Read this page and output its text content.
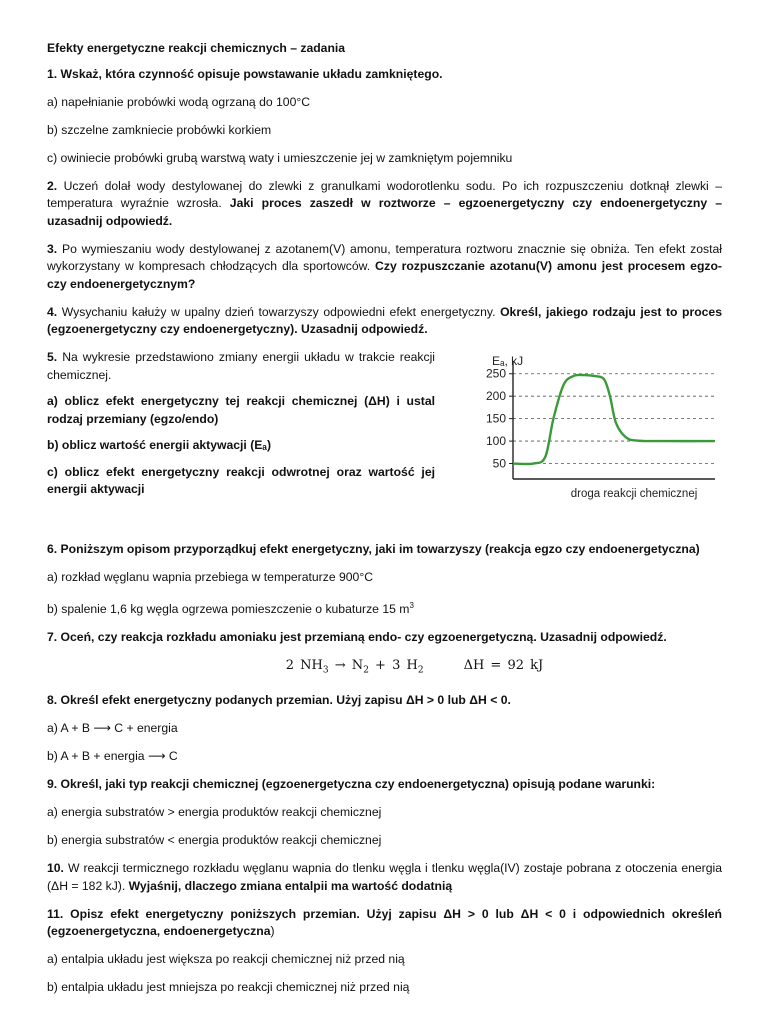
Efekty energetyczne reakcji chemicznych – zadania

1. Wskaż, która czynność opisuje powstawanie układu zamkniętego.

a) napełnianie probówki wodą ogrzaną do 100°C

b) szczelne zamkniecie probówki korkiem

c) owiniecie probówki grubą warstwą waty i umieszczenie jej w zamkniętym pojemniku

2. Uczeń dolał wody destylowanej do zlewki z granulkami wodorotlenku sodu. Po ich rozpuszczeniu dotknął zlewki – temperatura wyraźnie wzrosła. Jaki proces zaszedł w roztworze – egzoenergetyczny czy endoenergetyczny – uzasadnij odpowiedź.

3. Po wymieszaniu wody destylowanej z azotanem(V) amonu, temperatura roztworu znacznie się obniża. Ten efekt został wykorzystany w kompresach chłodzących dla sportowców. Czy rozpuszczanie azotanu(V) amonu jest procesem egzo- czy endoenergetycznym?

4. Wysychaniu kałuży w upalny dzień towarzyszy odpowiedni efekt energetyczny. Określ, jakiego rodzaju jest to proces (egzoenergetyczny czy endoenergetyczny). Uzasadnij odpowiedź.

5. Na wykresie przedstawiono zmiany energii układu w trakcie reakcji chemicznej.

a) oblicz efekt energetyczny tej reakcji chemicznej (ΔH) i ustal rodzaj przemiany (egzo/endo)

b) oblicz wartość energii aktywacji (Eₐ)

c) oblicz efekt energetyczny reakcji odwrotnej oraz wartość jej energii aktywacji

50
100
150
200
250
Eₐ, kJ
droga reakcji chemicznej

6. Poniższym opisom przyporządkuj efekt energetyczny, jaki im towarzyszy (reakcja egzo czy endoenergetyczna)

a) rozkład węglanu wapnia przebiega w temperaturze 900°C

b) spalenie 1,6 kg węgla ogrzewa pomieszczenie o kubaturze 15 $m^3$

7. Oceń, czy reakcja rozkładu amoniaku jest przemianą endo- czy egzoenergetyczną. Uzasadnij odpowiedź.

2 $NH_3 \to N_2 + 3$ $H_2$	ΔH = 92 kJ

8. Określ efekt energetyczny podanych przemian. Użyj zapisu ΔH > 0 lub ΔH < 0.

a) A + B ⟶ C + energia

b) A + B + energia ⟶ C

9. Określ, jaki typ reakcji chemicznej (egzoenergetyczna czy endoenergetyczna) opisują podane warunki:

a) energia substratów > energia produktów reakcji chemicznej

b) energia substratów < energia produktów reakcji chemicznej

10. W reakcji termicznego rozkładu węglanu wapnia do tlenku węgla i tlenku węgla(IV) zostaje pobrana z otoczenia energia (ΔH = 182 kJ). Wyjaśnij, dlaczego zmiana entalpii ma wartość dodatnią

11. Opisz efekt energetyczny poniższych przemian. Użyj zapisu ΔH > 0 lub ΔH < 0 i odpowiednich określeń (egzoenergetyczna, endoenergetyczna)

a) entalpia układu jest większa po reakcji chemicznej niż przed nią

b) entalpia układu jest mniejsza po reakcji chemicznej niż przed nią
